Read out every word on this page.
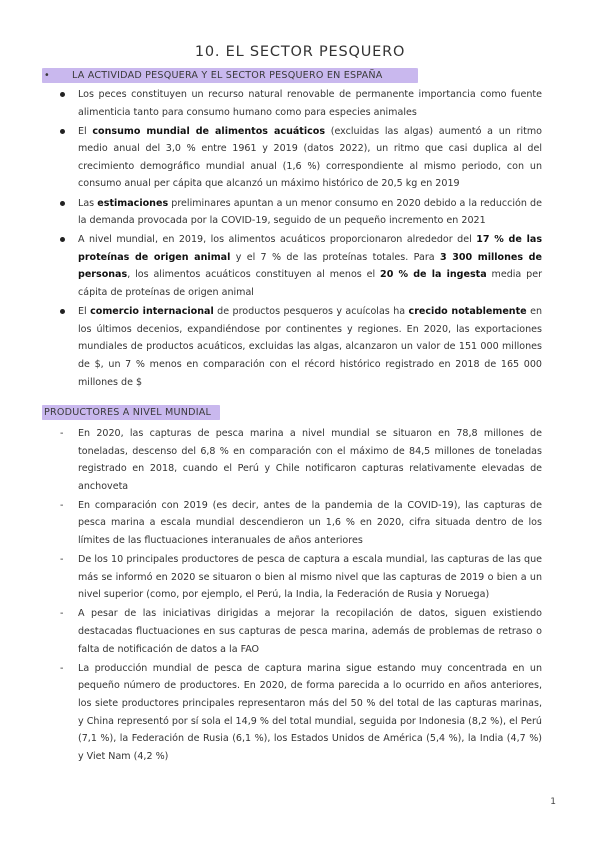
10. EL SECTOR PESQUERO
• LA ACTIVIDAD PESQUERA Y EL SECTOR PESQUERO EN ESPAÑA
Los peces constituyen un recurso natural renovable de permanente importancia como fuente alimenticia tanto para consumo humano como para especies animales
El consumo mundial de alimentos acuáticos (excluidas las algas) aumentó a un ritmo medio anual del 3,0 % entre 1961 y 2019 (datos 2022), un ritmo que casi duplica al del crecimiento demográfico mundial anual (1,6 %) correspondiente al mismo periodo, con un consumo anual per cápita que alcanzó un máximo histórico de 20,5 kg en 2019
Las estimaciones preliminares apuntan a un menor consumo en 2020 debido a la reducción de la demanda provocada por la COVID-19, seguido de un pequeño incremento en 2021
A nivel mundial, en 2019, los alimentos acuáticos proporcionaron alrededor del 17 % de las proteínas de origen animal y el 7 % de las proteínas totales. Para 3 300 millones de personas, los alimentos acuáticos constituyen al menos el 20 % de la ingesta media per cápita de proteínas de origen animal
El comercio internacional de productos pesqueros y acuícolas ha crecido notablemente en los últimos decenios, expandiéndose por continentes y regiones. En 2020, las exportaciones mundiales de productos acuáticos, excluidas las algas, alcanzaron un valor de 151 000 millones de $, un 7 % menos en comparación con el récord histórico registrado en 2018 de 165 000 millones de $
PRODUCTORES A NIVEL MUNDIAL
- En 2020, las capturas de pesca marina a nivel mundial se situaron en 78,8 millones de toneladas, descenso del 6,8 % en comparación con el máximo de 84,5 millones de toneladas registrado en 2018, cuando el Perú y Chile notificaron capturas relativamente elevadas de anchoveta
- En comparación con 2019 (es decir, antes de la pandemia de la COVID-19), las capturas de pesca marina a escala mundial descendieron un 1,6 % en 2020, cifra situada dentro de los límites de las fluctuaciones interanuales de años anteriores
- De los 10 principales productores de pesca de captura a escala mundial, las capturas de las que más se informó en 2020 se situaron o bien al mismo nivel que las capturas de 2019 o bien a un nivel superior (como, por ejemplo, el Perú, la India, la Federación de Rusia y Noruega)
- A pesar de las iniciativas dirigidas a mejorar la recopilación de datos, siguen existiendo destacadas fluctuaciones en sus capturas de pesca marina, además de problemas de retraso o falta de notificación de datos a la FAO
- La producción mundial de pesca de captura marina sigue estando muy concentrada en un pequeño número de productores. En 2020, de forma parecida a lo ocurrido en años anteriores, los siete productores principales representaron más del 50 % del total de las capturas marinas, y China representó por sí sola el 14,9 % del total mundial, seguida por Indonesia (8,2 %), el Perú (7,1 %), la Federación de Rusia (6,1 %), los Estados Unidos de América (5,4 %), la India (4,7 %) y Viet Nam (4,2 %)
1
